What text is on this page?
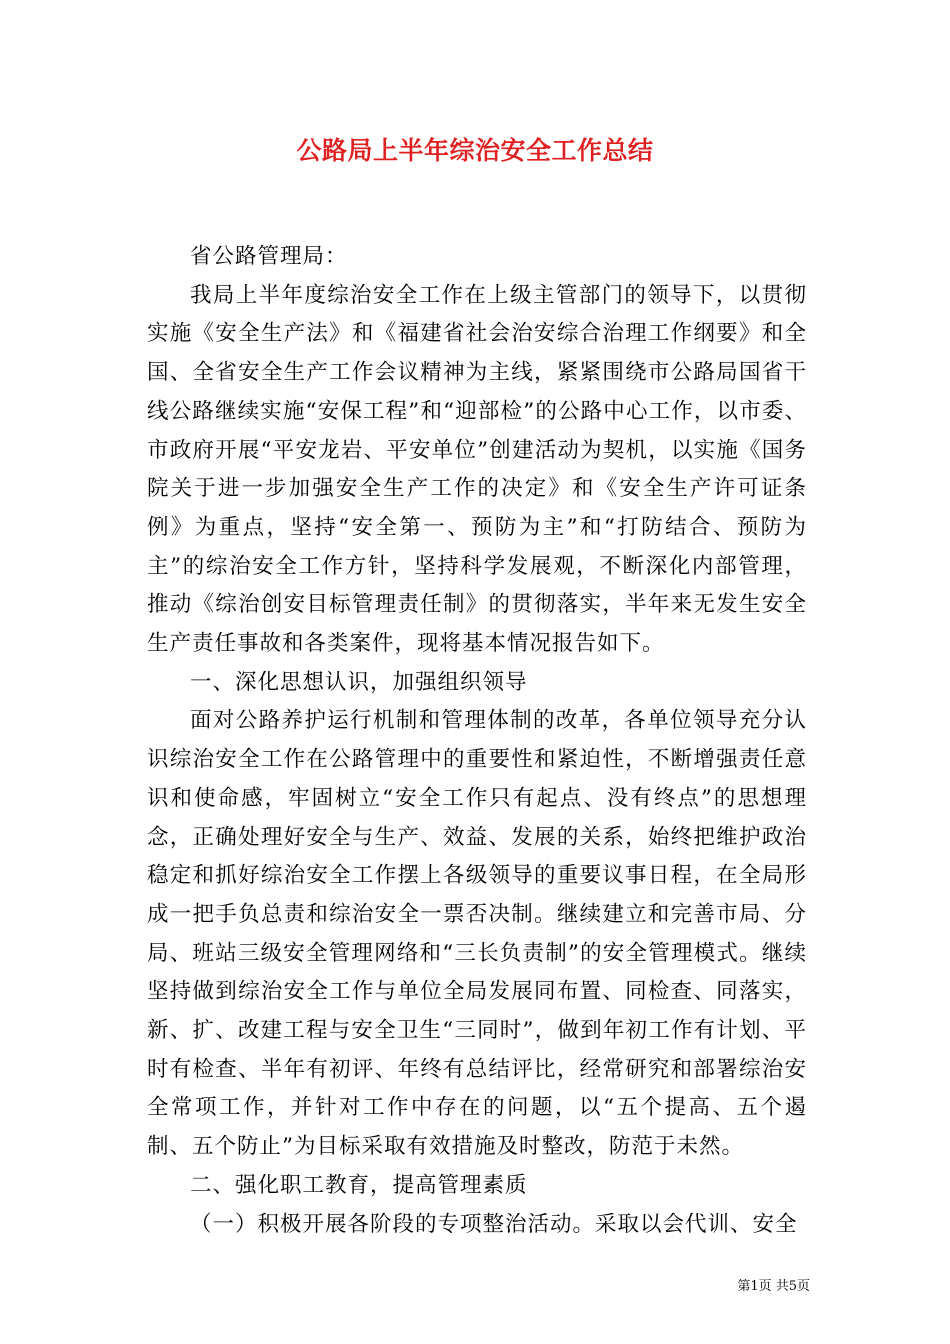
公路局上半年综治安全工作总结

省公路管理局：

我局上半年度综治安全工作在上级主管部门的领导下，以贯彻实施《安全生产法》和《福建省社会治安综合治理工作纲要》和全国、全省安全生产工作会议精神为主线，紧紧围绕市公路局国省干线公路继续实施“安保工程”和“迎部检”的公路中心工作，以市委、市政府开展“平安龙岩、平安单位”创建活动为契机，以实施《国务院关于进一步加强安全生产工作的决定》和《安全生产许可证条例》为重点，坚持“安全第一、预防为主”和“打防结合、预防为主”的综治安全工作方针，坚持科学发展观，不断深化内部管理，推动《综治创安目标管理责任制》的贯彻落实，半年来无发生安全生产责任事故和各类案件，现将基本情况报告如下。

一、深化思想认识，加强组织领导

面对公路养护运行机制和管理体制的改革，各单位领导充分认识综治安全工作在公路管理中的重要性和紧迫性，不断增强责任意识和使命感，牢固树立“安全工作只有起点、没有终点”的思想理念，正确处理好安全与生产、效益、发展的关系，始终把维护政治稳定和抓好综治安全工作摆上各级领导的重要议事日程，在全局形成一把手负总责和综治安全一票否决制。继续建立和完善市局、分局、班站三级安全管理网络和“三长负责制”的安全管理模式。继续坚持做到综治安全工作与单位全局发展同布置、同检查、同落实，新、扩、改建工程与安全卫生“三同时”，做到年初工作有计划、平时有检查、半年有初评、年终有总结评比，经常研究和部署综治安全常项工作，并针对工作中存在的问题，以“五个提高、五个遏制、五个防止”为目标采取有效措施及时整改，防范于未然。

二、强化职工教育，提高管理素质

（一）积极开展各阶段的专项整治活动。采取以会代训、安全

第1页 共5页
